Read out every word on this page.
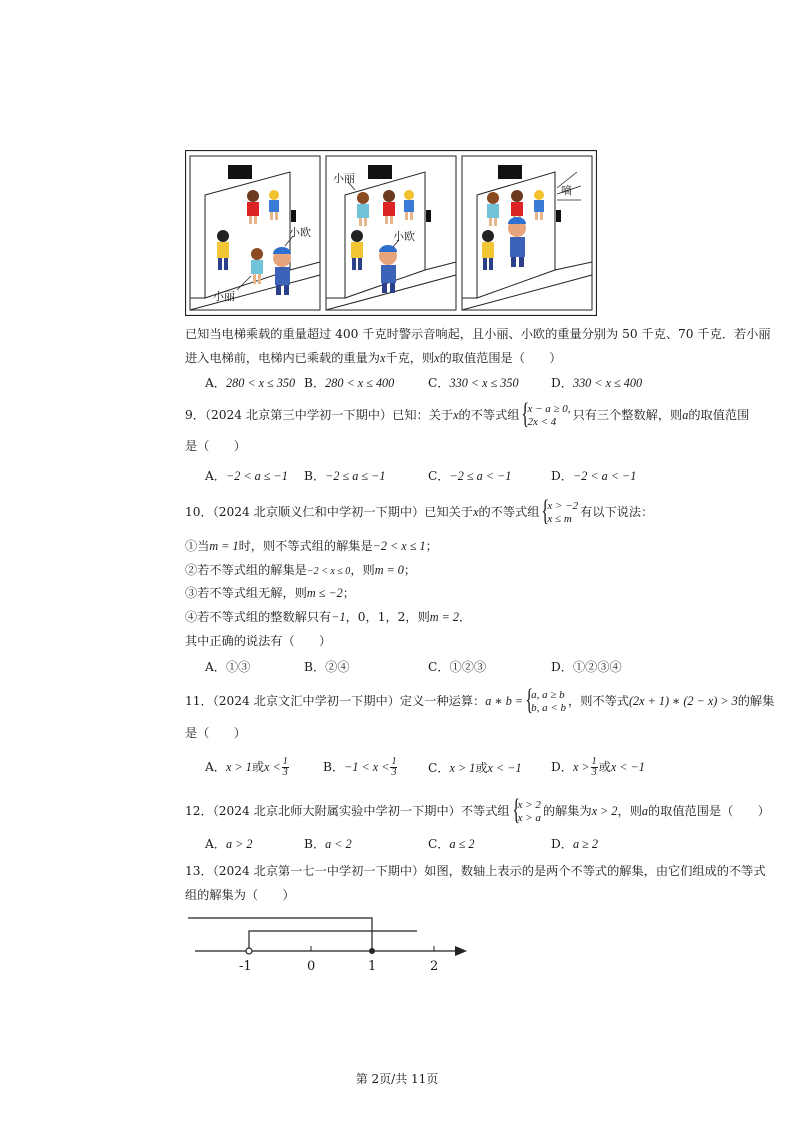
小欧
小丽
小丽
小欧
嘀
已知当电梯乘载的重量超过 400 千克时警示音响起，且小丽、小欧的重量分别为 50 千克、70 千克．若小丽
进入电梯前，电梯内已乘载的重量为x千克，则x的取值范围是（　　）
A．280 < x ≤ 350 B．280 < x ≤ 400	C．330 < x ≤ 350	D．330 < x ≤ 400
9．（2024 北京第三中学初一下期中）已知：关于x的不等式组 { x − a ≥ 0,
2x < 4	只有三个整数解，则a的取值范围
是（　　）
A．−2 < a ≤ −1 B．−2 ≤ a ≤ −1	C．−2 ≤ a < −1	D．−2 < a < −1
10．（2024 北京顺义仁和中学初一下期中）已知关于x的不等式组 { x > −2
x ≤ m 有以下说法：
①当m = 1时，则不等式组的解集是−2 < x ≤ 1；
②若不等式组的解集是−2 < x ≤ 0，则m = 0；
③若不等式组无解，则m ≤ −2；
④若不等式组的整数解只有−1，0，1，2，则m = 2．
其中正确的说法有（　　）
A．①③	B．②④	C．①②③	D．①②③④
11．（2024 北京文汇中学初一下期中）定义一种运算：a ∗ b = { a, a ≥ b
b, a < b ，则不等式(2x + 1) ∗ (2 − x) > 3的解集
是（　　）
A．x > 1或$x < \frac{1}{3}$	B．$-1 < x < \frac{1}{3}$	C．x > 1或x < −1 D．$x > \frac{1}{3}$ 或x < −1
12．（2024 北京北师大附属实验中学初一下期中）不等式组 { x > 2
x > a 的解集为x > 2，则a的取值范围是（　　）
A．a > 2	B．a < 2	C．a ≤ 2	D．a ≥ 2
13．（2024 北京第一七一中学初一下期中）如图，数轴上表示的是两个不等式的解集，由它们组成的不等式
组的解集为（　　）
-1	0	1	2
第 2页/共 11页
